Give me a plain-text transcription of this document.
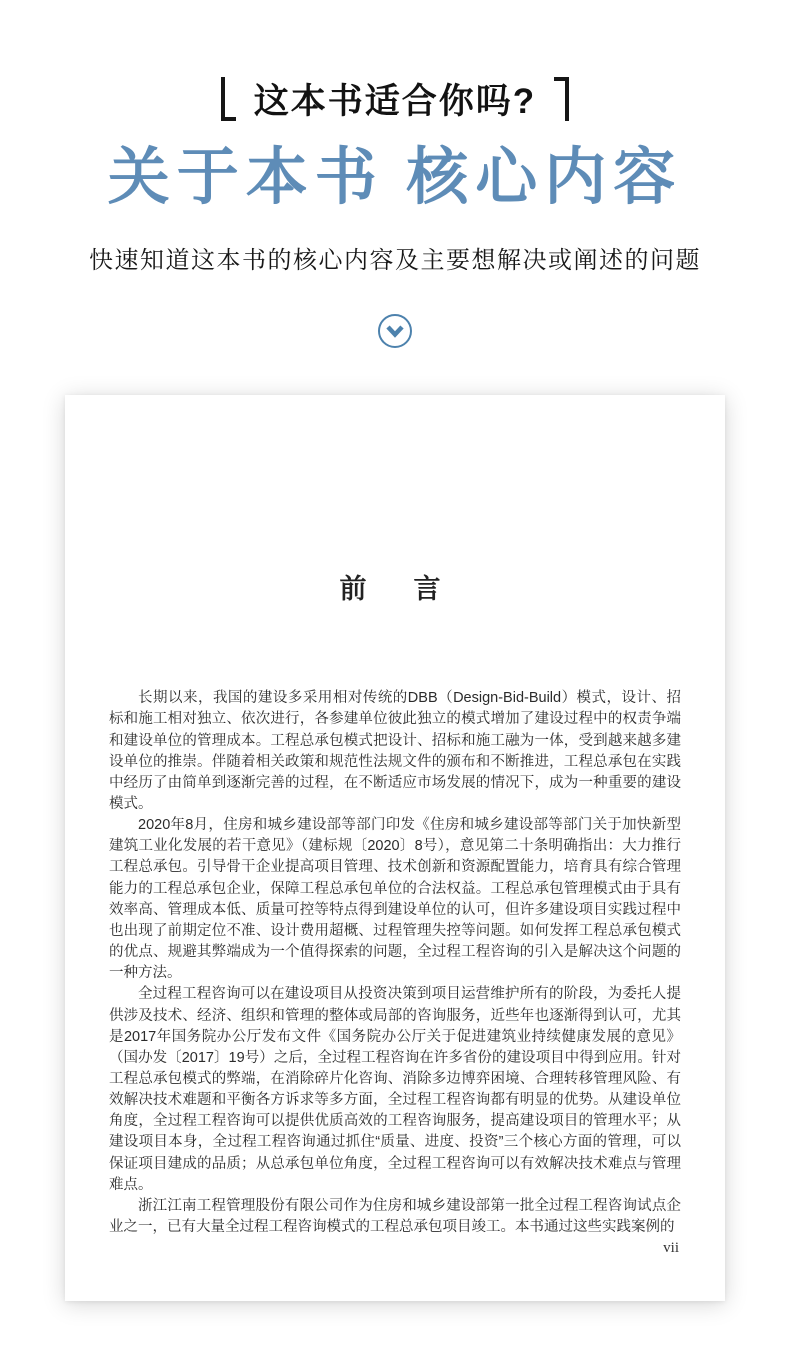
这本书适合你吗?
关于本书 核心内容

快速知道这本书的核心内容及主要想解决或阐述的问题

前　言

长期以来，我国的建设多采用相对传统的DBB（Design-Bid-Build）模式，设计、招标和施工相对独立、依次进行，各参建单位彼此独立的模式增加了建设过程中的权责争端和建设单位的管理成本。工程总承包模式把设计、招标和施工融为一体，受到越来越多建设单位的推崇。伴随着相关政策和规范性法规文件的颁布和不断推进，工程总承包在实践中经历了由简单到逐渐完善的过程，在不断适应市场发展的情况下，成为一种重要的建设模式。

2020年8月，住房和城乡建设部等部门印发《住房和城乡建设部等部门关于加快新型建筑工业化发展的若干意见》（建标规〔2020〕8号），意见第二十条明确指出：大力推行工程总承包。引导骨干企业提高项目管理、技术创新和资源配置能力，培育具有综合管理能力的工程总承包企业，保障工程总承包单位的合法权益。工程总承包管理模式由于具有效率高、管理成本低、质量可控等特点得到建设单位的认可，但许多建设项目实践过程中也出现了前期定位不准、设计费用超概、过程管理失控等问题。如何发挥工程总承包模式的优点、规避其弊端成为一个值得探索的问题，全过程工程咨询的引入是解决这个问题的一种方法。

全过程工程咨询可以在建设项目从投资决策到项目运营维护所有的阶段，为委托人提供涉及技术、经济、组织和管理的整体或局部的咨询服务，近些年也逐渐得到认可，尤其是2017年国务院办公厅发布文件《国务院办公厅关于促进建筑业持续健康发展的意见》（国办发〔2017〕19号）之后，全过程工程咨询在许多省份的建设项目中得到应用。针对工程总承包模式的弊端，在消除碎片化咨询、消除多边博弈困境、合理转移管理风险、有效解决技术难题和平衡各方诉求等多方面，全过程工程咨询都有明显的优势。从建设单位角度，全过程工程咨询可以提供优质高效的工程咨询服务，提高建设项目的管理水平；从建设项目本身，全过程工程咨询通过抓住“质量、进度、投资”三个核心方面的管理，可以保证项目建成的品质；从总承包单位角度，全过程工程咨询可以有效解决技术难点与管理难点。

浙江江南工程管理股份有限公司作为住房和城乡建设部第一批全过程工程咨询试点企业之一，已有大量全过程工程咨询模式的工程总承包项目竣工。本书通过这些实践案例的

vii
